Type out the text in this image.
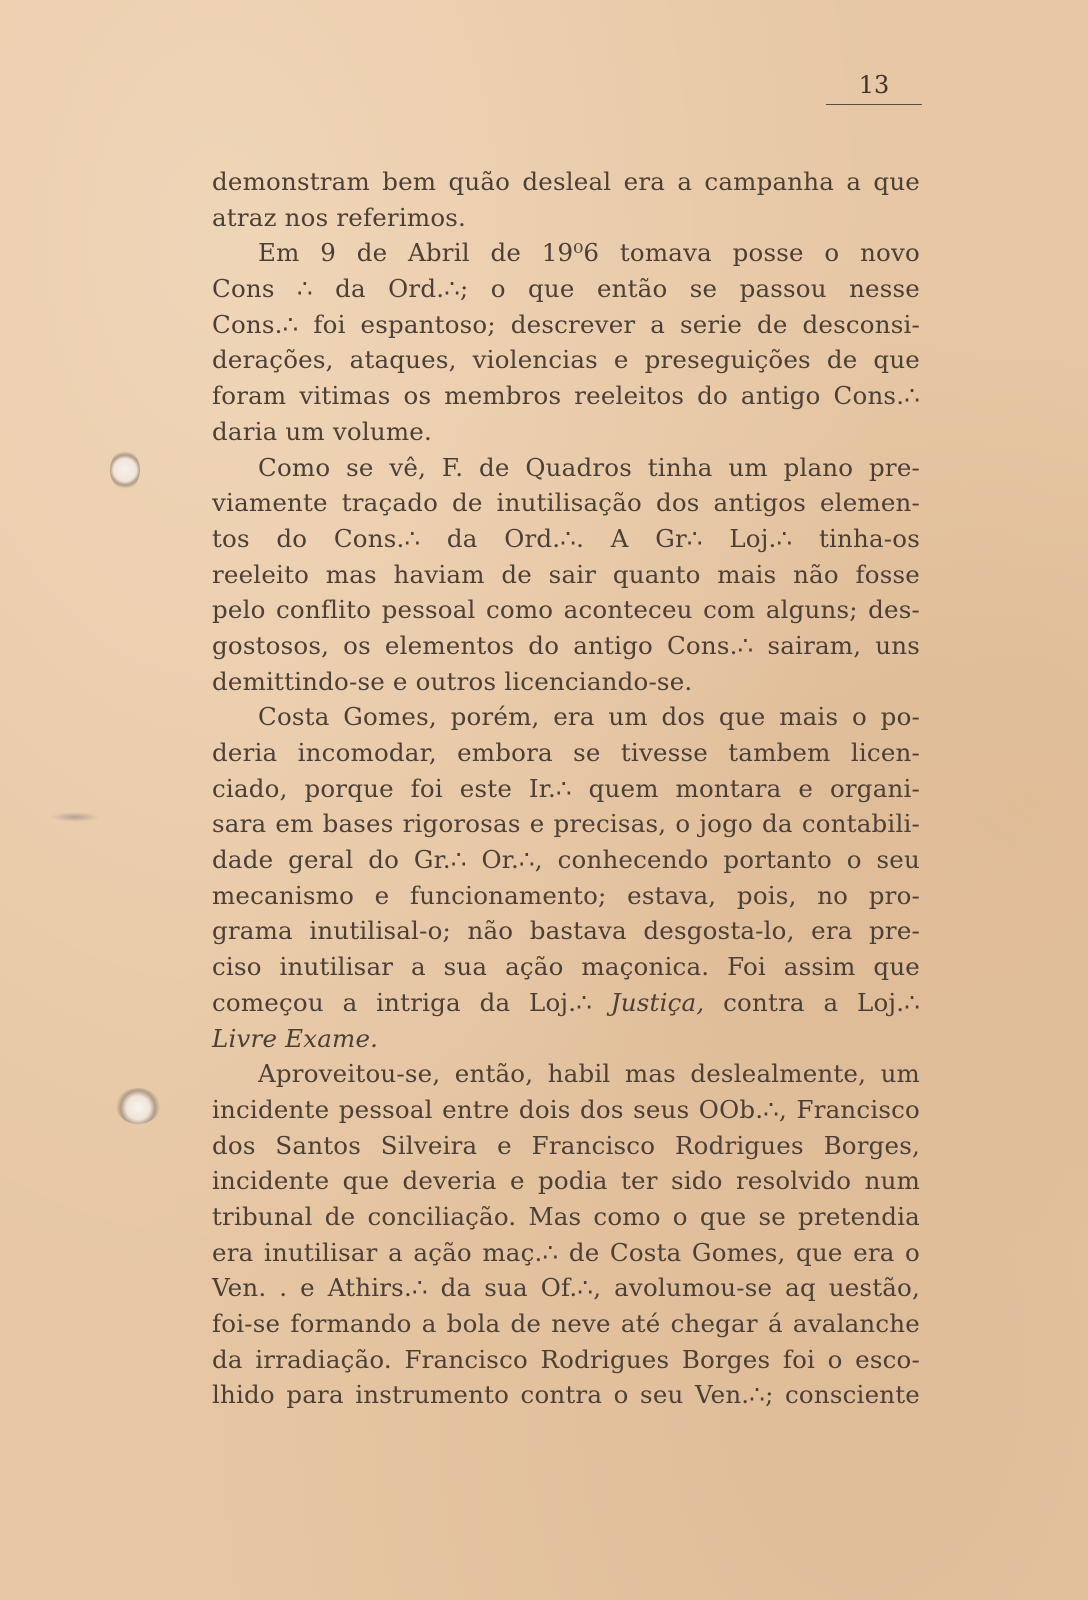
13
demonstram bem quão desleal era a campanha a que
atraz nos referimos.
Em 9 de Abril de 19⁰6 tomava posse o novo
Cons ∴ da Ord.∴; o que então se passou nesse
Cons.∴ foi espantoso; descrever a serie de desconsi-
derações, ataques, violencias e preseguições de que
foram vitimas os membros reeleitos do antigo Cons.∴
daria um volume.
Como se vê, F. de Quadros tinha um plano pre-
viamente traçado de inutilisação dos antigos elemen-
tos do Cons.∴ da Ord.∴. A Gr∴ Loj.∴ tinha-os
reeleito mas haviam de sair quanto mais não fosse
pelo conflito pessoal como aconteceu com alguns; des-
gostosos, os elementos do antigo Cons.∴ sairam, uns
demittindo-se e outros licenciando-se.
Costa Gomes, porém, era um dos que mais o po-
deria incomodar, embora se tivesse tambem licen-
ciado, porque foi este Ir.∴ quem montara e organi-
sara em bases rigorosas e precisas, o jogo da contabili-
dade geral do Gr.∴ Or.∴, conhecendo portanto o seu
mecanismo e funcionamento; estava, pois, no pro-
grama inutilisal-o; não bastava desgosta-lo, era pre-
ciso inutilisar a sua ação maçonica. Foi assim que
começou a intriga da Loj.∴ Justiça, contra a Loj.∴
Livre Exame.
Aproveitou-se, então, habil mas deslealmente, um
incidente pessoal entre dois dos seus OOb.∴, Francisco
dos Santos Silveira e Francisco Rodrigues Borges,
incidente que deveria e podia ter sido resolvido num
tribunal de conciliação. Mas como o que se pretendia
era inutilisar a ação maç.∴ de Costa Gomes, que era o
Ven. . e Athirs.∴ da sua Of.∴, avolumou-se aq uestão,
foi-se formando a bola de neve até chegar á avalanche
da irradiação. Francisco Rodrigues Borges foi o esco-
lhido para instrumento contra o seu Ven.∴; consciente
